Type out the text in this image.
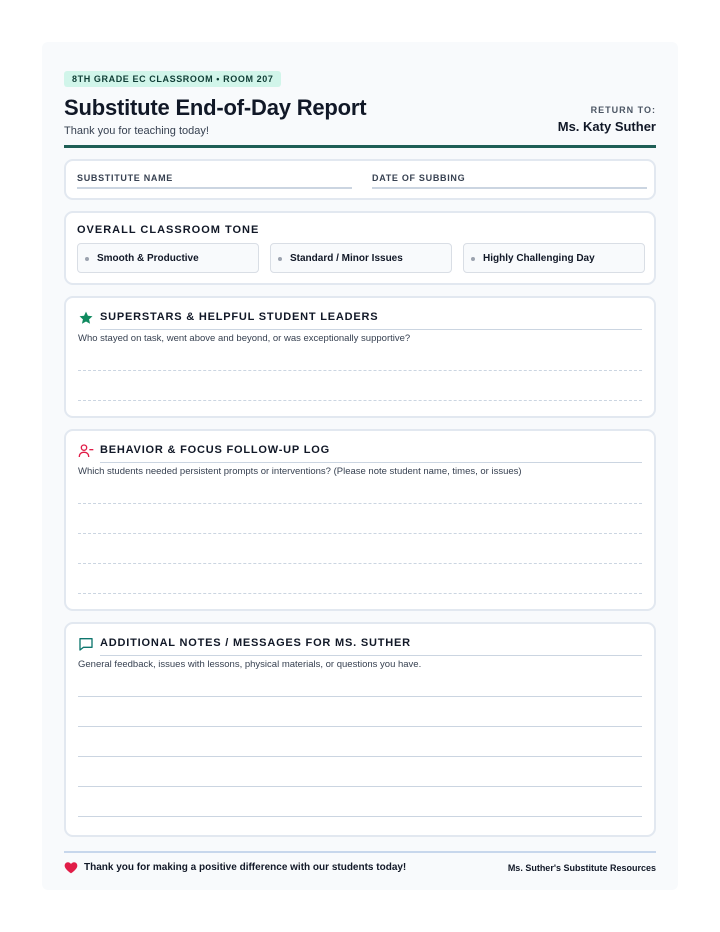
8TH GRADE EC CLASSROOM • ROOM 207
Substitute End-of-Day Report
Thank you for teaching today!
RETURN TO:
Ms. Katy Suther
SUBSTITUTE NAME	DATE OF SUBBING
OVERALL CLASSROOM TONE
Smooth & Productive	Standard / Minor Issues	Highly Challenging Day
SUPERSTARS & HELPFUL STUDENT LEADERS
Who stayed on task, went above and beyond, or was exceptionally supportive?
BEHAVIOR & FOCUS FOLLOW-UP LOG
Which students needed persistent prompts or interventions? (Please note student name, times, or issues)
ADDITIONAL NOTES / MESSAGES FOR MS. SUTHER
General feedback, issues with lessons, physical materials, or questions you have.
Thank you for making a positive difference with our students today!	Ms. Suther's Substitute Resources
